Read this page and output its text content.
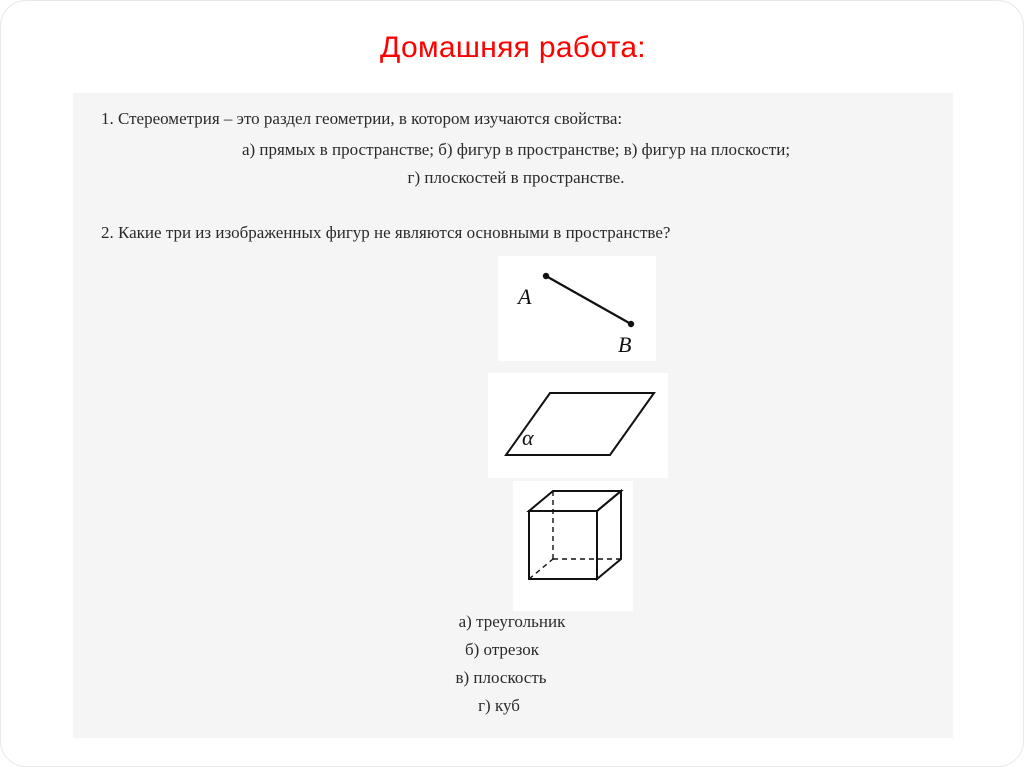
Домашняя работа:
1. Стереометрия – это раздел геометрии, в котором изучаются свойства:
а) прямых в пространстве; б) фигур в пространстве; в) фигур на плоскости;
г) плоскостей в пространстве.
2. Какие три из изображенных фигур не являются основными в пространстве?
A
B
α
а) треугольник
б) отрезок
в) плоскость
г) куб
